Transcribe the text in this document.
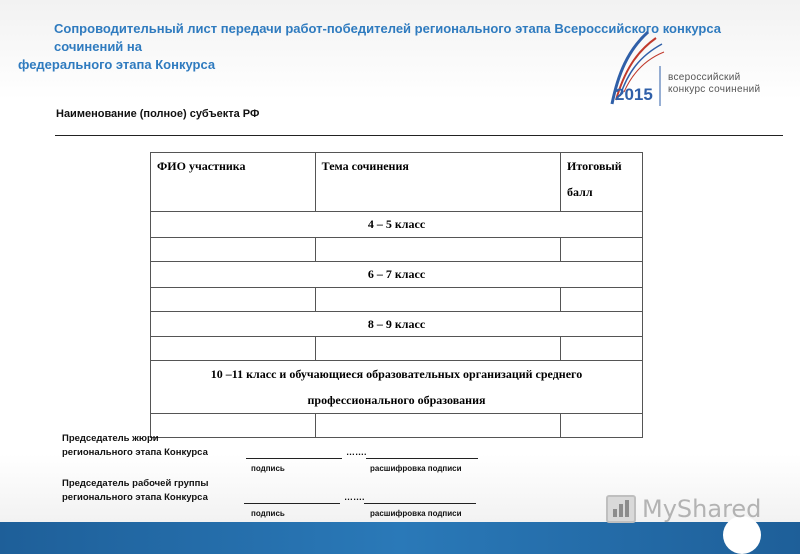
Сопроводительный лист передачи работ-победителей регионального этапа Всероссийского конкурса сочинений на
федерального этапа Конкурса
2015
всероссийский
конкурс сочинений
Наименование (полное) субъекта РФ
ФИО участника	Тема сочинения	Итоговый
балл

4 – 5 класс		

6 – 7 класс		

8 – 9 класс		

10 –11 класс и обучающиеся образовательных организаций среднего
профессионального образования		

Председатель жюри
регионального этапа Конкурса	…….
подпись	расшифровка подписи
Председатель рабочей группы
регионального этапа Конкурса	…….
подпись	расшифровка подписи	MyShared
